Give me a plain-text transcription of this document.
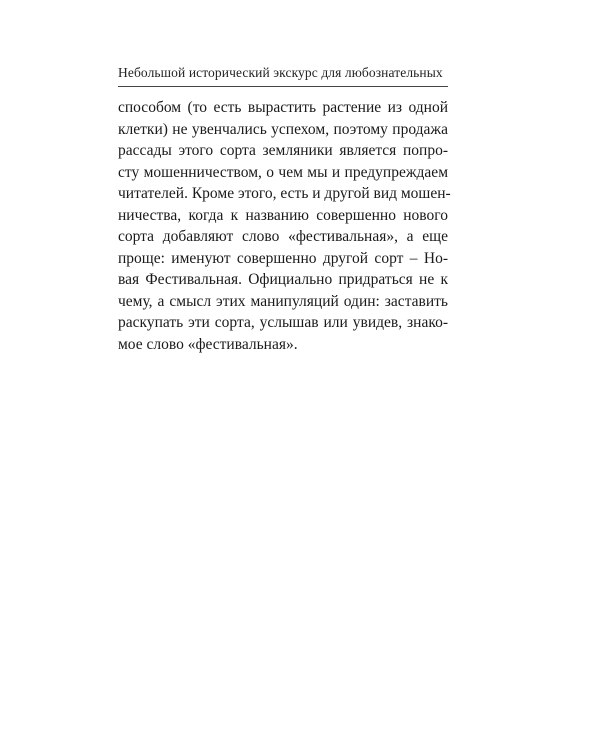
Небольшой исторический экскурс для любознательных
способом (то есть вырастить растение из одной
клетки) не увенчались успехом, поэтому продажа
рассады этого сорта земляники является попро-
сту мошенничеством, о чем мы и предупреждаем
читателей. Кроме этого, есть и другой вид мошен-
ничества, когда к названию совершенно нового
сорта добавляют слово «фестивальная», а еще
проще: именуют совершенно другой сорт – Но-
вая Фестивальная. Официально придраться не к
чему, а смысл этих манипуляций один: заставить
раскупать эти сорта, услышав или увидев, знако-
мое слово «фестивальная».
